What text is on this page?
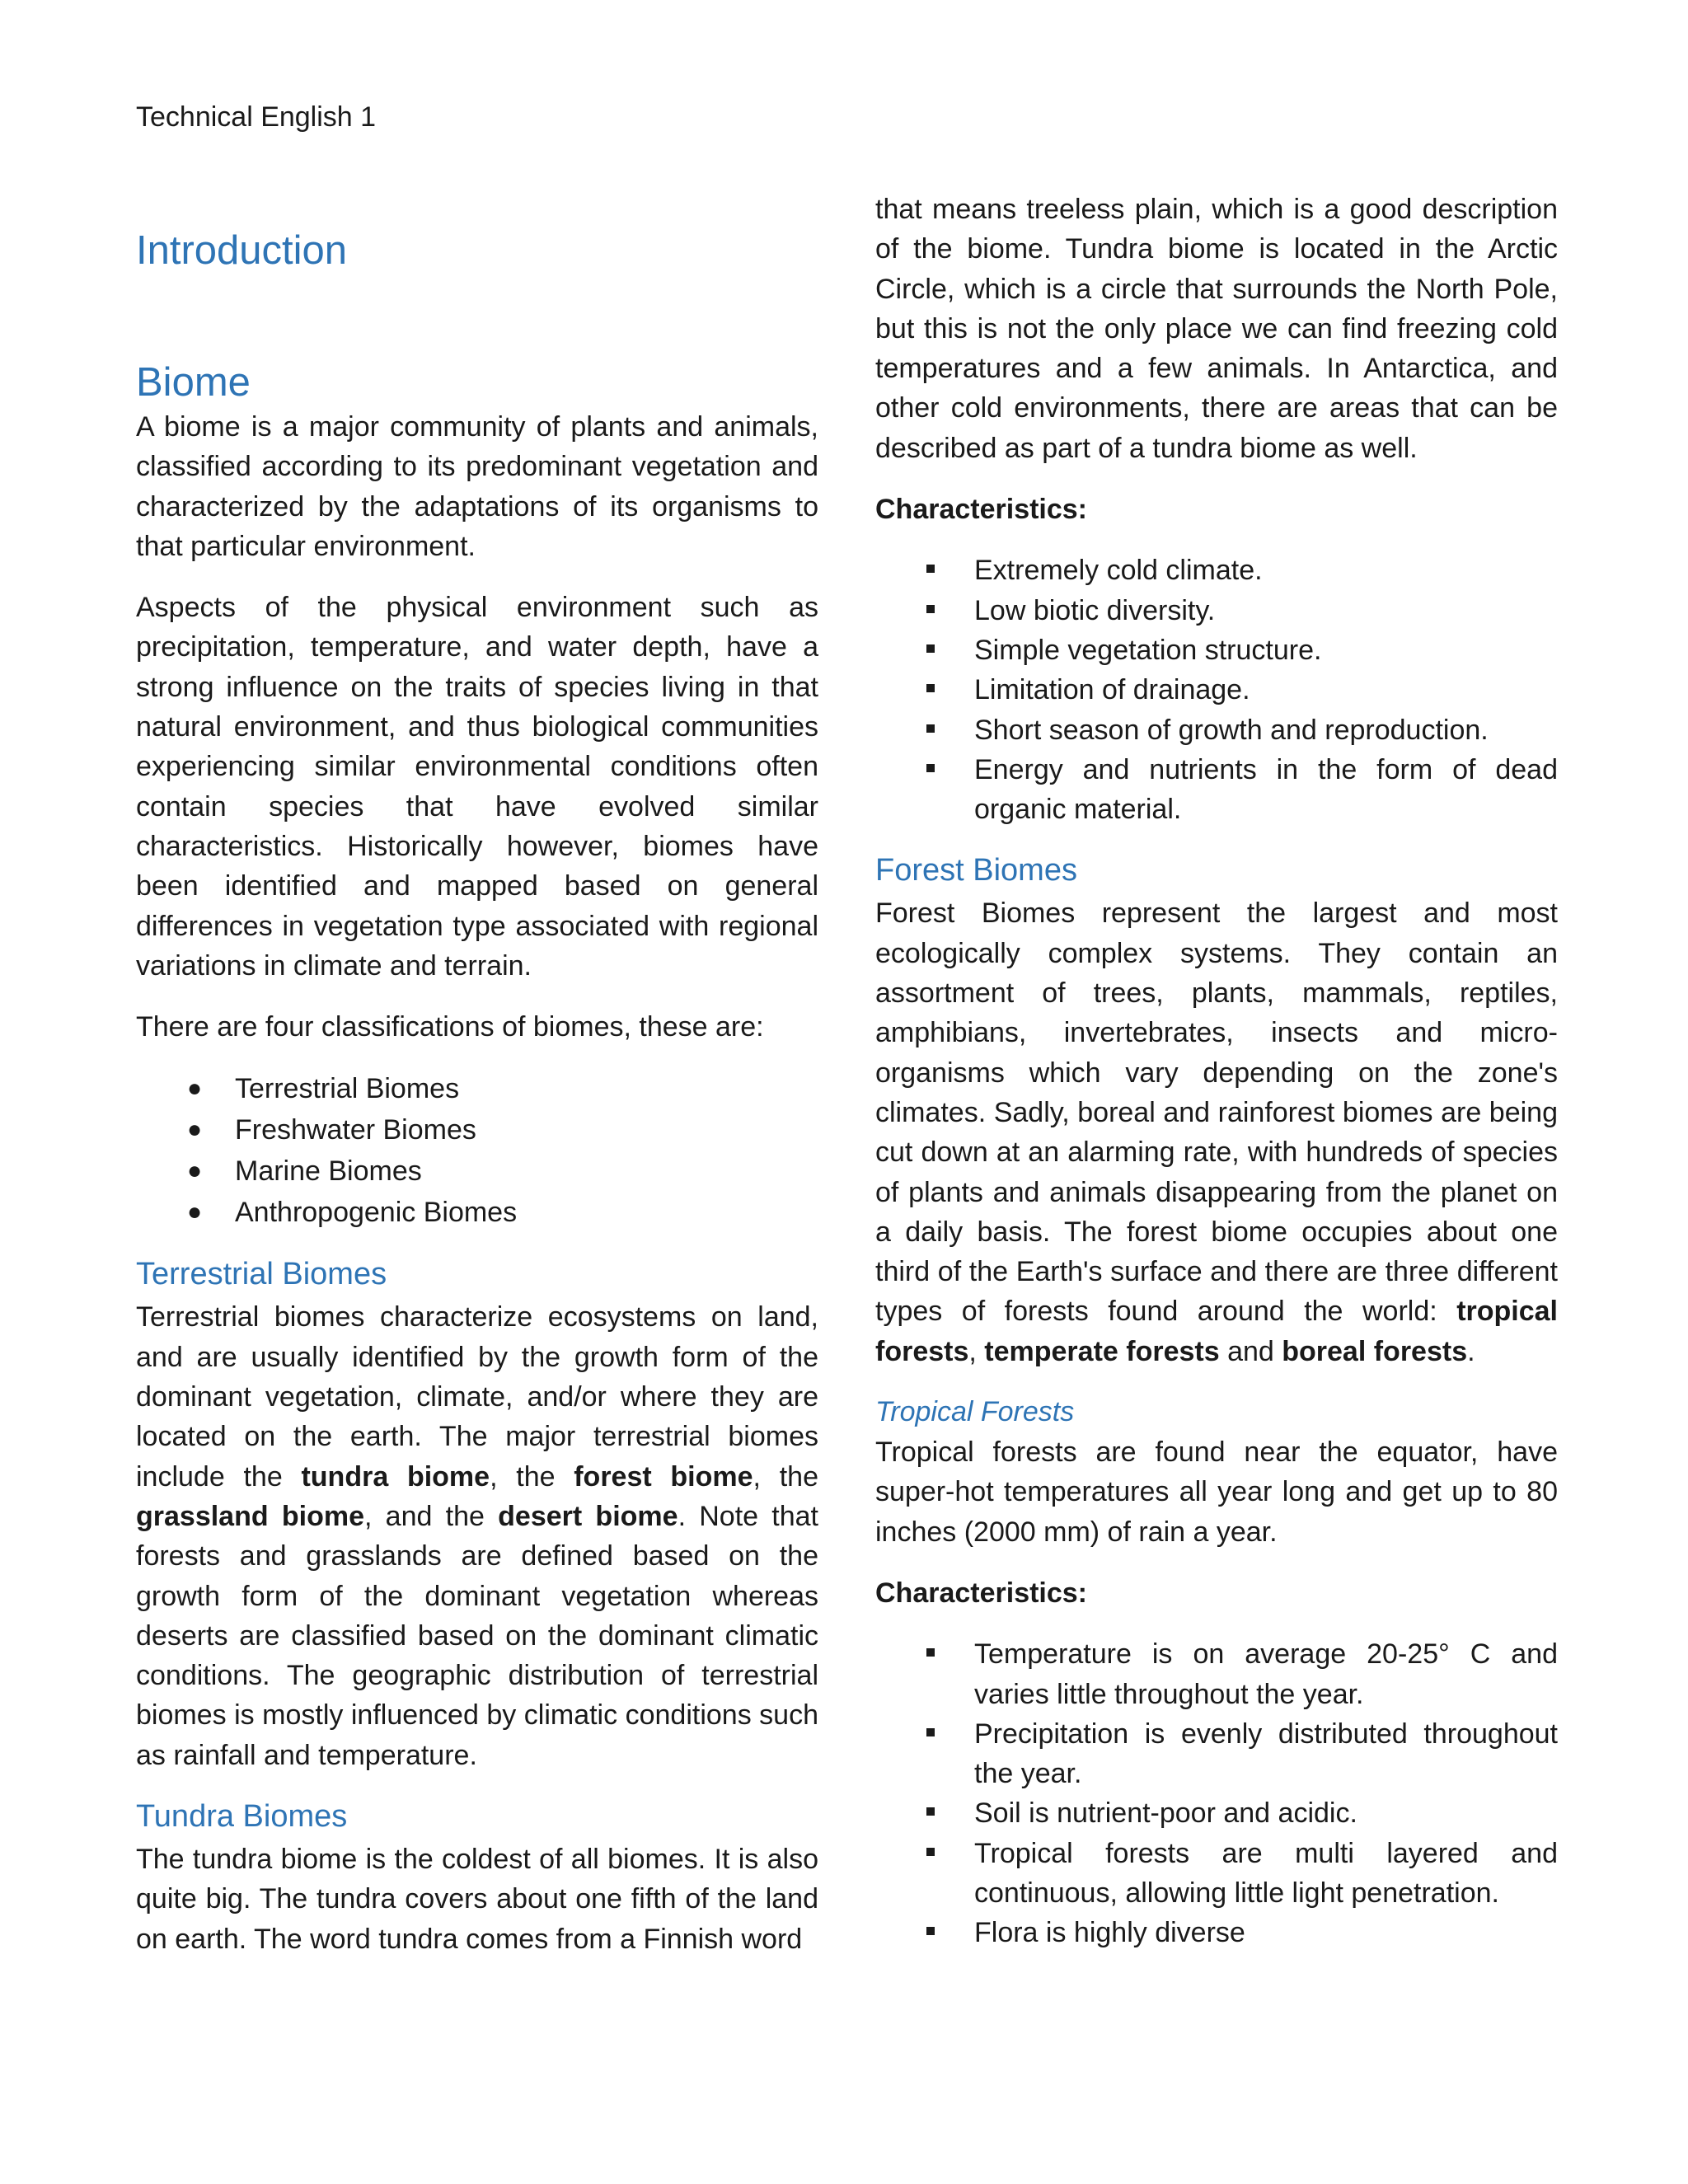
Technical English 1
Introduction
Biome

A biome is a major community of plants and animals, classified according to its predominant vegetation and characterized by the adaptations of its organisms to that particular environment.

Aspects of the physical environment such as precipitation, temperature, and water depth, have a strong influence on the traits of species living in that natural environment, and thus biological communities experiencing similar environmental conditions often contain species that have evolved similar characteristics. Historically however, biomes have been identified and mapped based on general differences in vegetation type associated with regional variations in climate and terrain.

There are four classifications of biomes, these are:

● Terrestrial Biomes
● Freshwater Biomes
● Marine Biomes
● Anthropogenic Biomes
Terrestrial Biomes

Terrestrial biomes characterize ecosystems on land, and are usually identified by the growth form of the dominant vegetation, climate, and/or where they are located on the earth. The major terrestrial biomes include the tundra biome, the forest biome, the grassland biome, and the desert biome. Note that forests and grasslands are defined based on the growth form of the dominant vegetation whereas deserts are classified based on the dominant climatic conditions. The geographic distribution of terrestrial biomes is mostly influenced by climatic conditions such as rainfall and temperature.

Tundra Biomes

The tundra biome is the coldest of all biomes. It is also quite big. The tundra covers about one fifth of the land on earth. The word tundra comes from a Finnish word

that means treeless plain, which is a good description of the biome. Tundra biome is located in the Arctic Circle, which is a circle that surrounds the North Pole, but this is not the only place we can find freezing cold temperatures and a few animals. In Antarctica, and other cold environments, there are areas that can be described as part of a tundra biome as well.

Characteristics:

Extremely cold climate.
Low biotic diversity.
Simple vegetation structure.
Limitation of drainage.
Short season of growth and reproduction.
Energy and nutrients in the form of dead organic material.
Forest Biomes

Forest Biomes represent the largest and most ecologically complex systems. They contain an assortment of trees, plants, mammals, reptiles, amphibians, invertebrates, insects and micro-organisms which vary depending on the zone's climates. Sadly, boreal and rainforest biomes are being cut down at an alarming rate, with hundreds of species of plants and animals disappearing from the planet on a daily basis. The forest biome occupies about one third of the Earth's surface and there are three different types of forests found around the world: tropical forests, temperate forests and boreal forests.

Tropical Forests

Tropical forests are found near the equator, have super-hot temperatures all year long and get up to 80 inches (2000 mm) of rain a year.

Characteristics:

Temperature is on average 20-25° C and varies little throughout the year.
Precipitation is evenly distributed throughout the year.
Soil is nutrient-poor and acidic.
Tropical forests are multi layered and continuous, allowing little light penetration.
Flora is highly diverse
